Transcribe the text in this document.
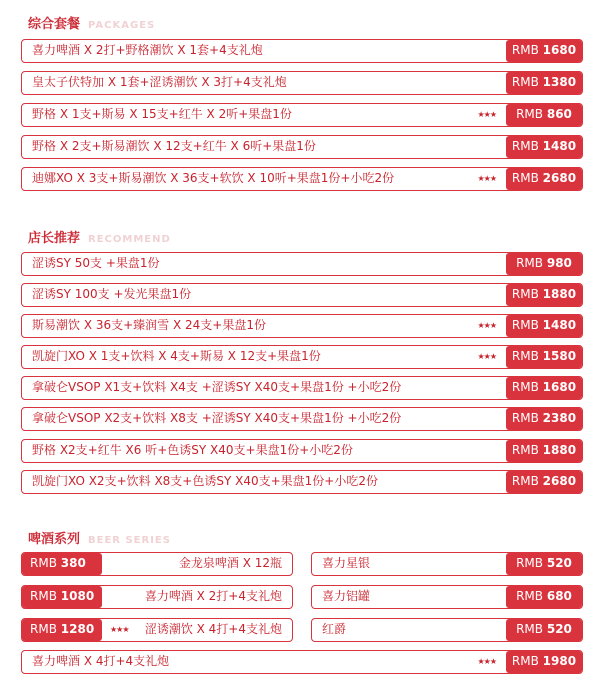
综合套餐 PACKAGES
喜力啤酒 X 2打+野格潮饮 X 1套+4支礼炮	RMB 1680
皇太子伏特加 X 1套+涩诱潮饮 X 3打+4支礼炮	RMB 1380
野格 X 1支+斯易 X 15支+红牛 X 2听+果盘1份	★★★	RMB 860
野格 X 2支+斯易潮饮 X 12支+红牛 X 6听+果盘1份	RMB 1480
迪娜XO X 3支+斯易潮饮 X 36支+软饮 X 10听+果盘1份+小吃2份	★★★	RMB 2680
店长推荐 RECOMMEND
涩诱SY 50支 +果盘1份	RMB 980
涩诱SY 100支 +发光果盘1份	RMB 1880
斯易潮饮 X 36支+臻润雪 X 24支+果盘1份	★★★	RMB 1480
凯旋门XO X 1支+饮料 X 4支+斯易 X 12支+果盘1份	★★★	RMB 1580
拿破仑VSOP X1支+饮料 X4支 +涩诱SY X40支+果盘1份 +小吃2份	RMB 1680
拿破仑VSOP X2支+饮料 X8支 +涩诱SY X40支+果盘1份 +小吃2份	RMB 2380
野格 X2支+红牛 X6 听+色诱SY X40支+果盘1份+小吃2份	RMB 1880
凯旋门XO X2支+饮料 X8支+色诱SY X40支+果盘1份+小吃2份	RMB 2680
啤酒系列 BEER SERIES
RMB 380	金龙泉啤酒 X 12瓶
RMB 1080	喜力啤酒 X 2打+4支礼炮
RMB 1280	★★★ 涩诱潮饮 X 4打+4支礼炮
喜力星银	RMB 520
喜力铝罐	RMB 680
红爵	RMB 520
喜力啤酒 X 4打+4支礼炮	★★★	RMB 1980
